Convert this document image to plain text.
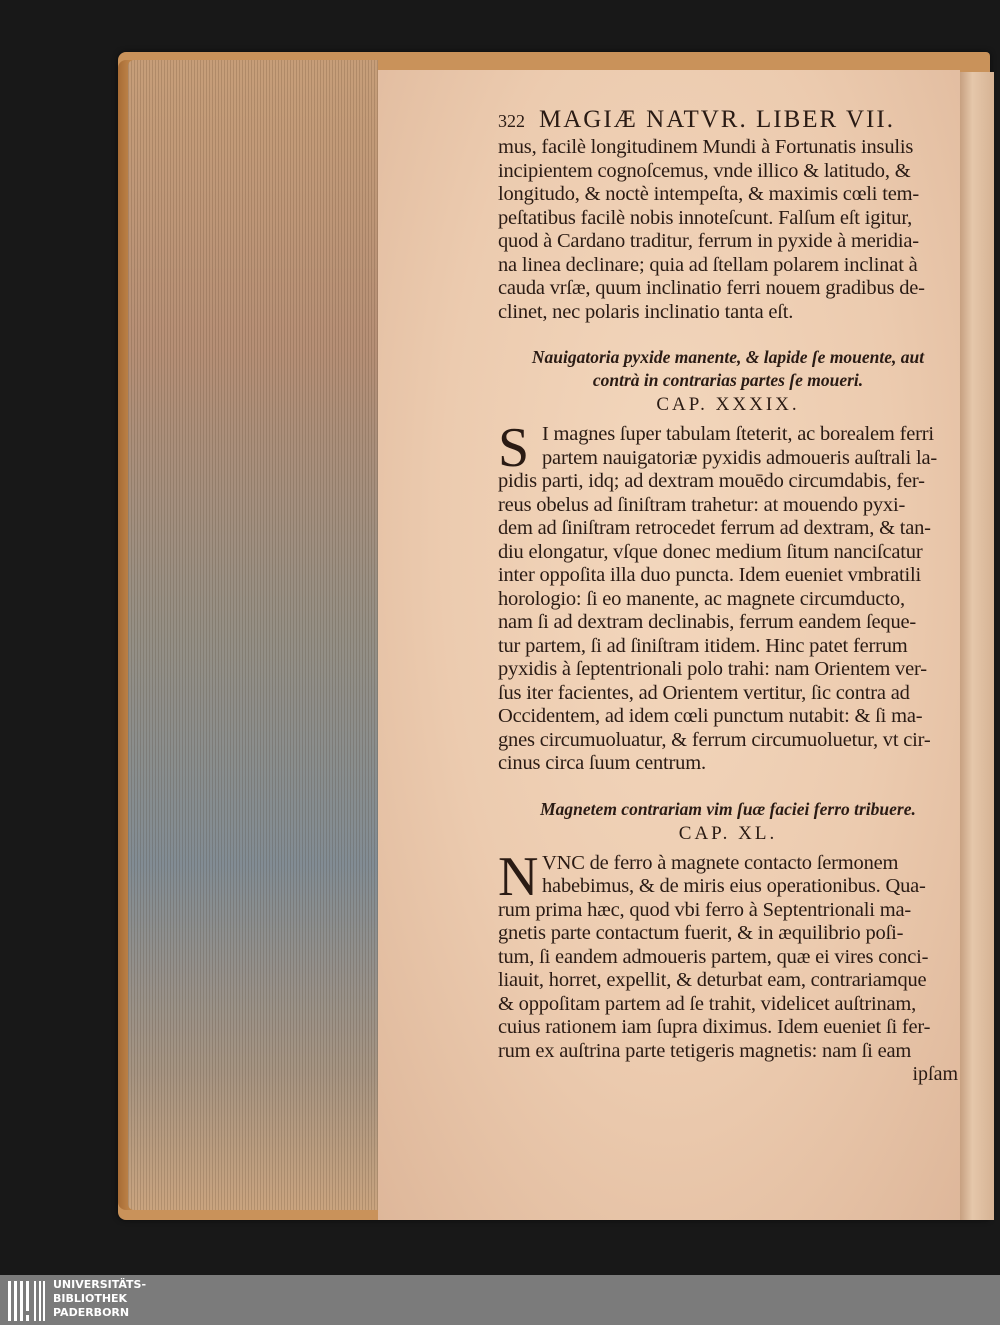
322 MAGIÆ NATVR. LIBER VII.
mus, facilè longitudinem Mundi à Fortunatis insulis
incipientem cognoſcemus, vnde illico & latitudo, &
longitudo, & noctè intempeſta, & maximis cœli tem-
peſtatibus facilè nobis innoteſcunt. Falſum eſt igitur,
quod à Cardano traditur, ferrum in pyxide à meridia-
na linea declinare; quia ad ſtellam polarem inclinat à
cauda vrſæ, quum inclinatio ferri nouem gradibus de-
clinet, nec polaris inclinatio tanta eſt.
Nauigatoria pyxide manente, & lapide ſe mouente, aut
contrà in contrarias partes ſe moueri.
CAP. XXXIX.
S I magnes ſuper tabulam ſteterit, ac borealem ferri
partem nauigatoriæ pyxidis admoueris auſtrali la-
pidis parti, idq; ad dextram mouēdo circumdabis, fer-
reus obelus ad ſiniſtram trahetur: at mouendo pyxi-
dem ad ſiniſtram retrocedet ferrum ad dextram, & tan-
diu elongatur, vſque donec medium ſitum nanciſcatur
inter oppoſita illa duo puncta. Idem eueniet vmbratili
horologio: ſi eo manente, ac magnete circumducto,
nam ſi ad dextram declinabis, ferrum eandem ſeque-
tur partem, ſi ad ſiniſtram itidem. Hinc patet ferrum
pyxidis à ſeptentrionali polo trahi: nam Orientem ver-
ſus iter facientes, ad Orientem vertitur, ſic contra ad
Occidentem, ad idem cœli punctum nutabit: & ſi ma-
gnes circumuoluatur, & ferrum circumuoluetur, vt cir-
cinus circa ſuum centrum.
Magnetem contrariam vim ſuæ faciei ferro tribuere.
CAP. XL.
N VNC de ferro à magnete contacto ſermonem
habebimus, & de miris eius operationibus. Qua-
rum prima hæc, quod vbi ferro à Septentrionali ma-
gnetis parte contactum fuerit, & in æquilibrio poſi-
tum, ſi eandem admoueris partem, quæ ei vires conci-
liauit, horret, expellit, & deturbat eam, contrariamque
& oppoſitam partem ad ſe trahit, videlicet auſtrinam,
cuius rationem iam ſupra diximus. Idem eueniet ſi fer-
rum ex auſtrina parte tetigeris magnetis: nam ſi eam
ipſam
UNIVERSITÄTS-
BIBLIOTHEK
PADERBORN
